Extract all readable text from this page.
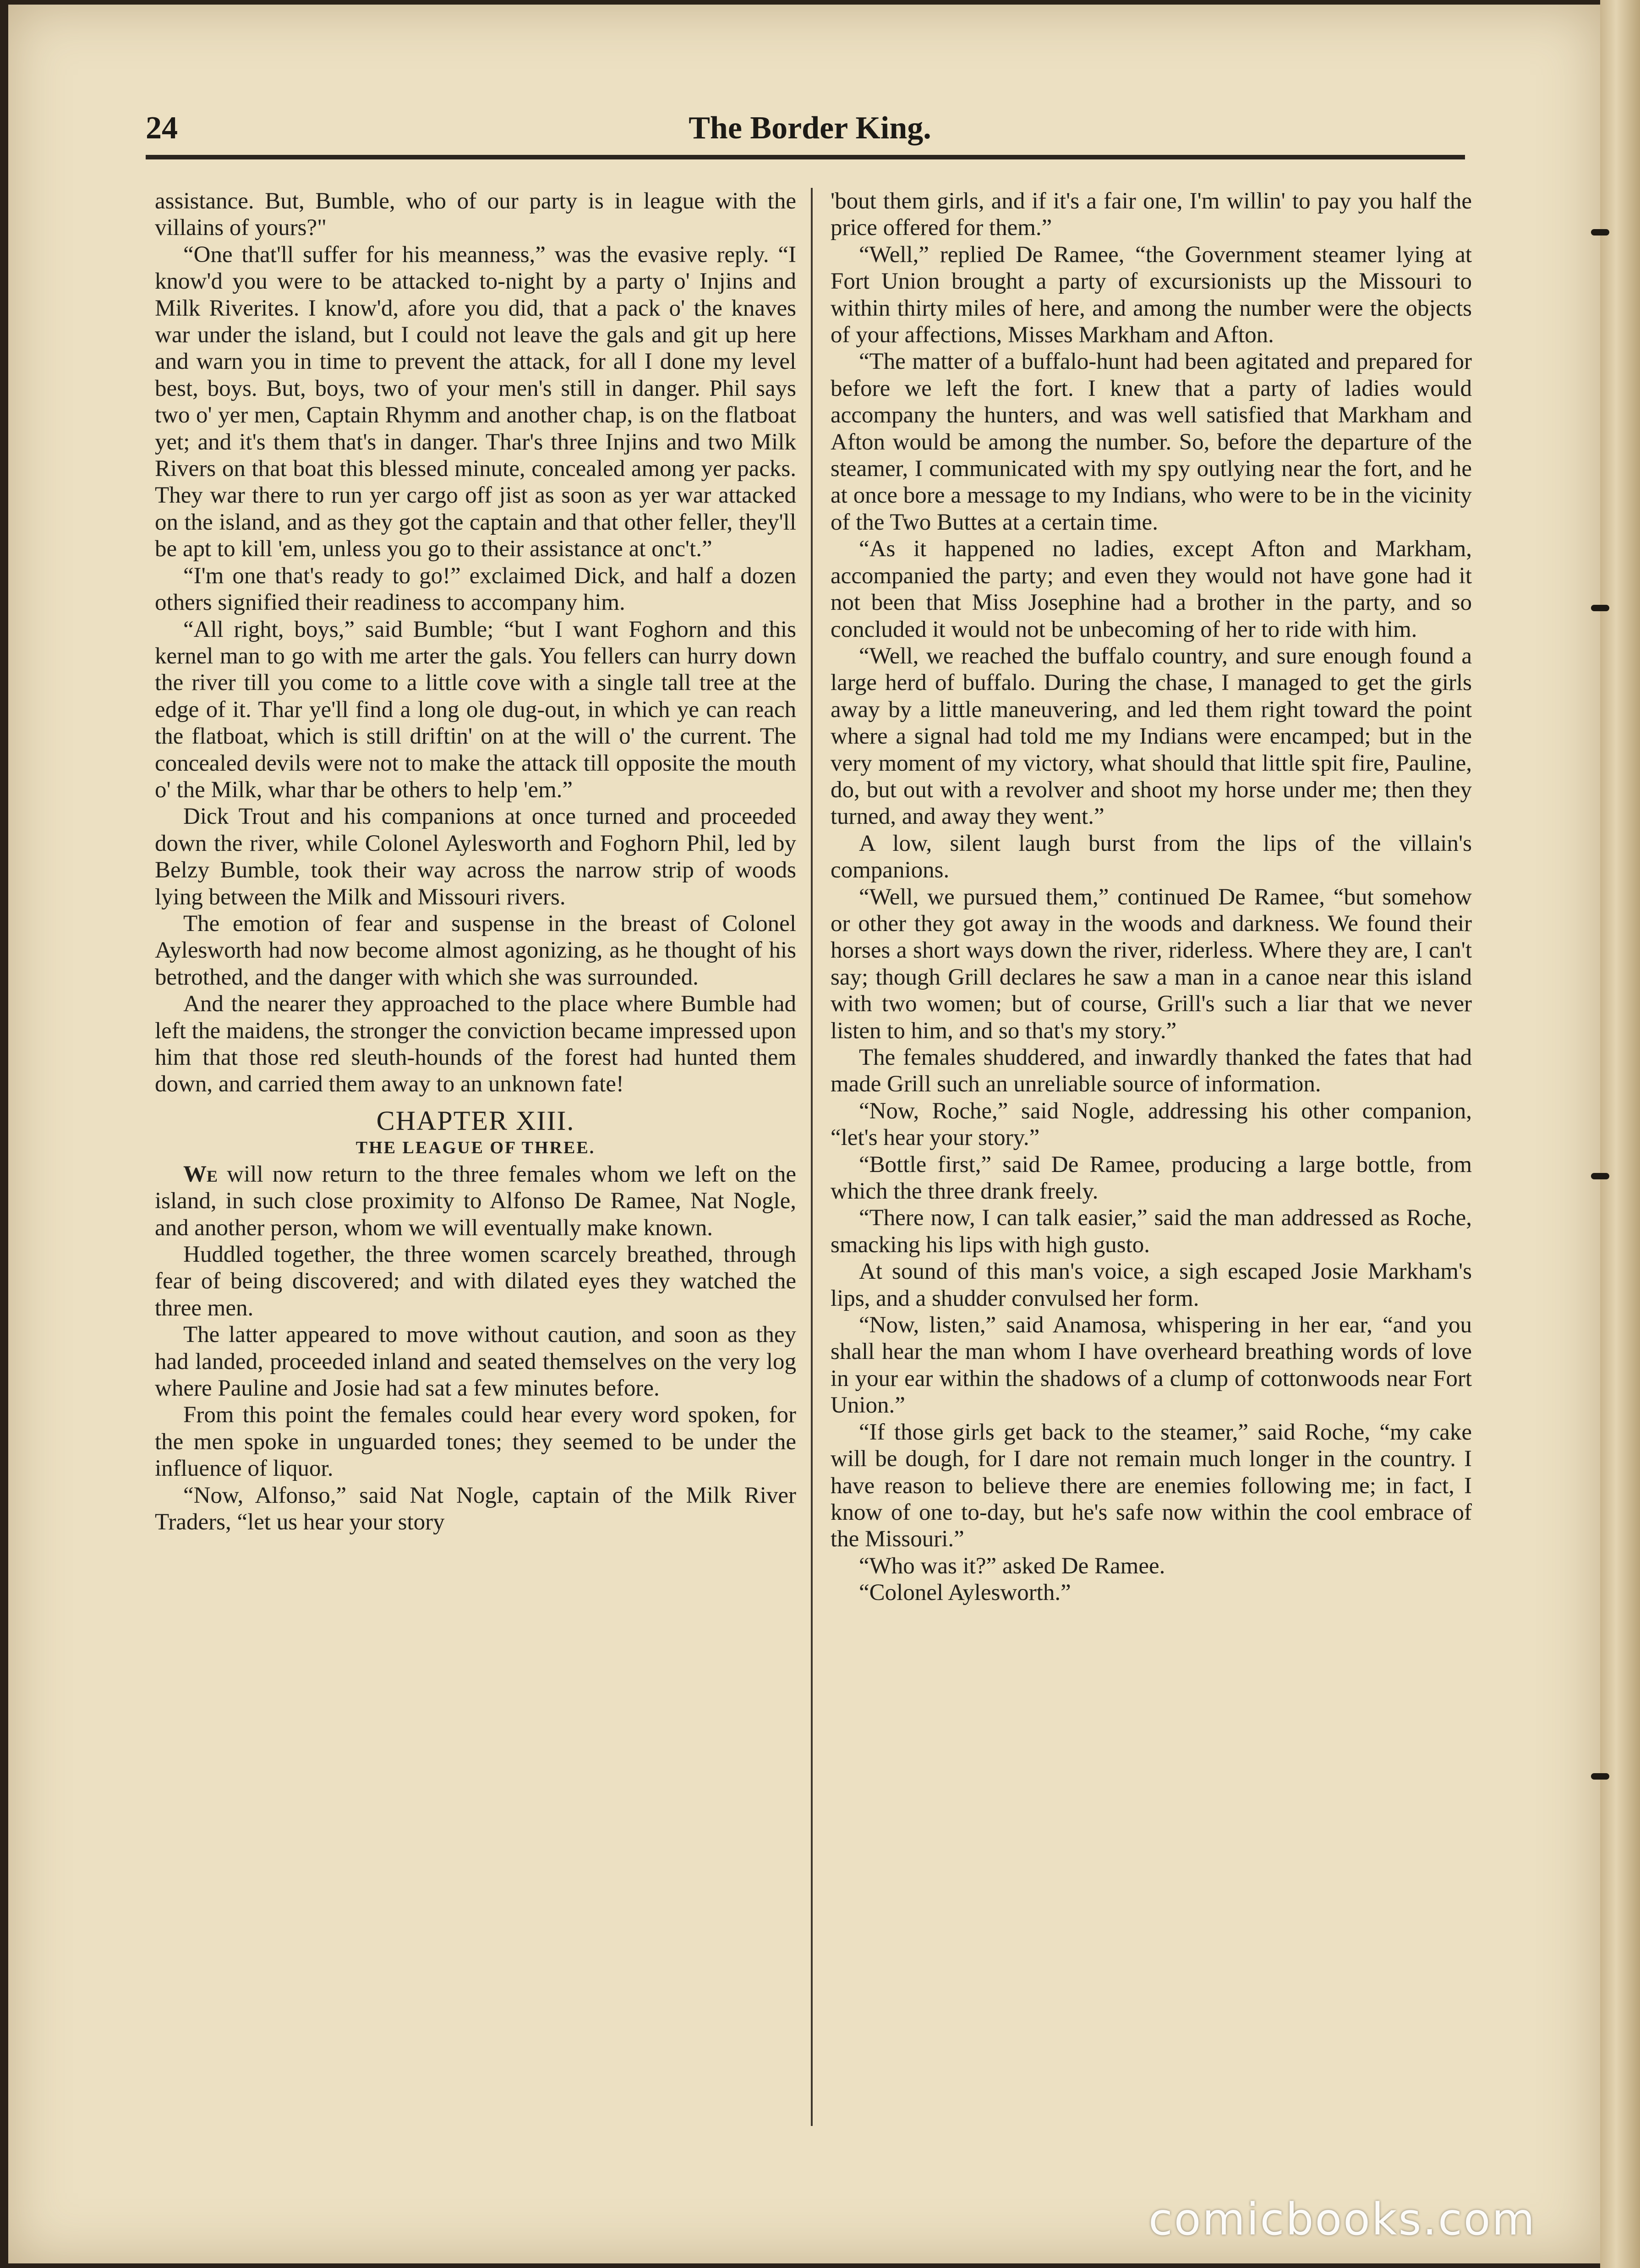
The Border King.
24

assistance. But, Bumble, who of our party is in league with the villains of yours?"

“One that'll suffer for his meanness,” was the evasive reply. “I know'd you were to be attacked to-night by a party o' Injins and Milk Riverites. I know'd, afore you did, that a pack o' the knaves war under the island, but I could not leave the gals and git up here and warn you in time to prevent the attack, for all I done my level best, boys. But, boys, two of your men's still in danger. Phil says two o' yer men, Captain Rhymm and another chap, is on the flatboat yet; and it's them that's in danger. Thar's three Injins and two Milk Rivers on that boat this blessed minute, concealed among yer packs. They war there to run yer cargo off jist as soon as yer war attacked on the island, and as they got the captain and that other feller, they'll be apt to kill 'em, unless you go to their assistance at onc't.”

“I'm one that's ready to go!” exclaimed Dick, and half a dozen others signified their readiness to accompany him.

“All right, boys,” said Bumble; “but I want Foghorn and this kernel man to go with me arter the gals. You fellers can hurry down the river till you come to a little cove with a single tall tree at the edge of it. Thar ye'll find a long ole dug-out, in which ye can reach the flatboat, which is still driftin' on at the will o' the current. The concealed devils were not to make the attack till opposite the mouth o' the Milk, whar thar be others to help 'em.”

Dick Trout and his companions at once turned and proceeded down the river, while Colonel Aylesworth and Foghorn Phil, led by Belzy Bumble, took their way across the narrow strip of woods lying between the Milk and Missouri rivers.

The emotion of fear and suspense in the breast of Colonel Aylesworth had now become almost agonizing, as he thought of his betrothed, and the danger with which she was surrounded.

And the nearer they approached to the place where Bumble had left the maidens, the stronger the conviction became impressed upon him that those red sleuth-hounds of the forest had hunted them down, and carried them away to an unknown fate!

CHAPTER XIII.
THE LEAGUE OF THREE.

We will now return to the three females whom we left on the island, in such close proximity to Alfonso De Ramee, Nat Nogle, and another person, whom we will eventually make known.

Huddled together, the three women scarcely breathed, through fear of being discovered; and with dilated eyes they watched the three men.

The latter appeared to move without caution, and soon as they had landed, proceeded inland and seated themselves on the very log where Pauline and Josie had sat a few minutes before.

From this point the females could hear every word spoken, for the men spoke in unguarded tones; they seemed to be under the influence of liquor.

“Now, Alfonso,” said Nat Nogle, captain of the Milk River Traders, “let us hear your story

'bout them girls, and if it's a fair one, I'm willin' to pay you half the price offered for them.”

“Well,” replied De Ramee, “the Government steamer lying at Fort Union brought a party of excursionists up the Missouri to within thirty miles of here, and among the number were the objects of your affections, Misses Markham and Afton.

“The matter of a buffalo-hunt had been agitated and prepared for before we left the fort. I knew that a party of ladies would accompany the hunters, and was well satisfied that Markham and Afton would be among the number. So, before the departure of the steamer, I communicated with my spy outlying near the fort, and he at once bore a message to my Indians, who were to be in the vicinity of the Two Buttes at a certain time.

“As it happened no ladies, except Afton and Markham, accompanied the party; and even they would not have gone had it not been that Miss Josephine had a brother in the party, and so concluded it would not be unbecoming of her to ride with him.

“Well, we reached the buffalo country, and sure enough found a large herd of buffalo. During the chase, I managed to get the girls away by a little maneuvering, and led them right toward the point where a signal had told me my Indians were encamped; but in the very moment of my victory, what should that little spit fire, Pauline, do, but out with a revolver and shoot my horse under me; then they turned, and away they went.”

A low, silent laugh burst from the lips of the villain's companions.

“Well, we pursued them,” continued De Ramee, “but somehow or other they got away in the woods and darkness. We found their horses a short ways down the river, riderless. Where they are, I can't say; though Grill declares he saw a man in a canoe near this island with two women; but of course, Grill's such a liar that we never listen to him, and so that's my story.”

The females shuddered, and inwardly thanked the fates that had made Grill such an unreliable source of information.

“Now, Roche,” said Nogle, addressing his other companion, “let's hear your story.”

“Bottle first,” said De Ramee, producing a large bottle, from which the three drank freely.

“There now, I can talk easier,” said the man addressed as Roche, smacking his lips with high gusto.

At sound of this man's voice, a sigh escaped Josie Markham's lips, and a shudder convulsed her form.

“Now, listen,” said Anamosa, whispering in her ear, “and you shall hear the man whom I have overheard breathing words of love in your ear within the shadows of a clump of cottonwoods near Fort Union.”

“If those girls get back to the steamer,” said Roche, “my cake will be dough, for I dare not remain much longer in the country. I have reason to believe there are enemies following me; in fact, I know of one to-day, but he's safe now within the cool embrace of the Missouri.”

“Who was it?” asked De Ramee.

“Colonel Aylesworth.”

comicbooks.com
